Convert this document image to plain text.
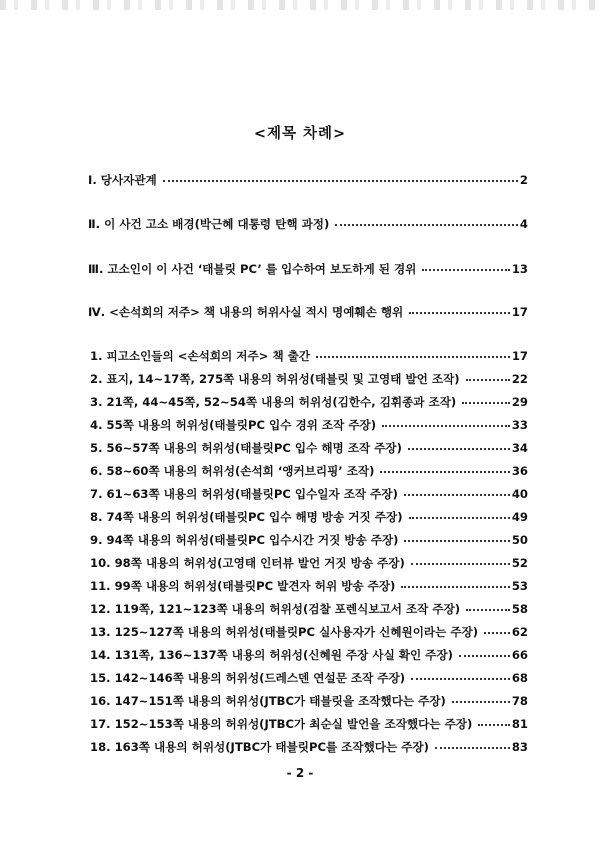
<제목 차례>
Ⅰ. 당사자관계	2
Ⅱ. 이 사건 고소 배경(박근혜 대통령 탄핵 과정)	4
Ⅲ. 고소인이 이 사건 ‘태블릿 PC’ 를 입수하여 보도하게 된 경위	13
Ⅳ. <손석희의 저주> 책 내용의 허위사실 적시 명예훼손 행위	17
1. 피고소인들의 <손석희의 저주> 책 출간	17
2. 표지, 14~17쪽, 275쪽 내용의 허위성(태블릿 및 고영태 발언 조작)	22
3. 21쪽, 44~45쪽, 52~54쪽 내용의 허위성(김한수, 김휘종과 조작)	29
4. 55쪽 내용의 허위성(태블릿PC 입수 경위 조작 주장)	33
5. 56~57쪽 내용의 허위성(태블릿PC 입수 해명 조작 주장)	34
6. 58~60쪽 내용의 허위성(손석희 ‘앵커브리핑’ 조작)	36
7. 61~63쪽 내용의 허위성(태블릿PC 입수일자 조작 주장)	40
8. 74쪽 내용의 허위성(태블릿PC 입수 해명 방송 거짓 주장)	49
9. 94쪽 내용의 허위성(태블릿PC 입수시간 거짓 방송 주장)	50
10. 98쪽 내용의 허위성(고영태 인터뷰 발언 거짓 방송 주장)	52
11. 99쪽 내용의 허위성(태블릿PC 발견자 허위 방송 주장)	53
12. 119쪽, 121~123쪽 내용의 허위성(검찰 포렌식보고서 조작 주장)	58
13. 125~127쪽 내용의 허위성(태블릿PC 실사용자가 신혜원이라는 주장)	62
14. 131쪽, 136~137쪽 내용의 허위성(신혜원 주장 사실 확인 주장)	66
15. 142~146쪽 내용의 허위성(드레스덴 연설문 조작 주장)	68
16. 147~151쪽 내용의 허위성(JTBC가 태블릿을 조작했다는 주장)	78
17. 152~153쪽 내용의 허위성(JTBC가 최순실 발언을 조작했다는 주장)	81
18. 163쪽 내용의 허위성(JTBC가 태블릿PC를 조작했다는 주장)	83
- 2 -
